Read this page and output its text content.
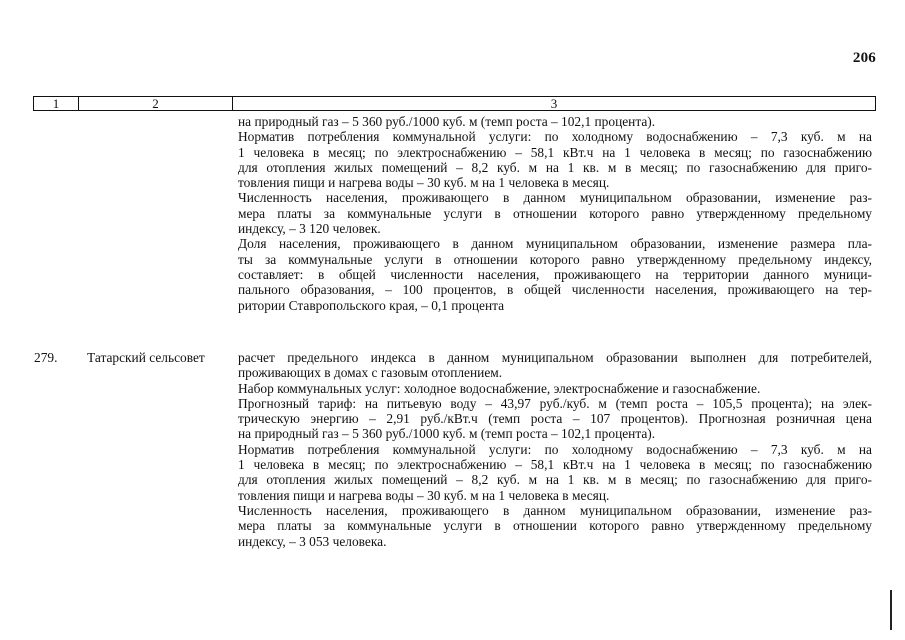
206
1	2	3
на природный газ – 5 360 руб./1000 куб. м (темп роста – 102,1 процента).
Норматив потребления коммунальной услуги: по холодному водоснабжению – 7,3 куб. м на
1 человека в месяц; по электроснабжению – 58,1 кВт.ч на 1 человека в месяц; по газоснабжению
для отопления жилых помещений – 8,2 куб. м на 1 кв. м в месяц; по газоснабжению для приго-
товления пищи и нагрева воды – 30 куб. м на 1 человека в месяц.
Численность населения, проживающего в данном муниципальном образовании, изменение раз-
мера платы за коммунальные услуги в отношении которого равно утвержденному предельному
индексу, – 3 120 человек.
Доля населения, проживающего в данном муниципальном образовании, изменение размера пла-
ты за коммунальные услуги в отношении которого равно утвержденному предельному индексу,
составляет: в общей численности населения, проживающего на территории данного муници-
пального образования, – 100 процентов, в общей численности населения, проживающего на тер-
ритории Ставропольского края, – 0,1 процента
279. Татарский сельсовет расчет предельного индекса в данном муниципальном образовании выполнен для потребителей,
проживающих в домах с газовым отоплением.
Набор коммунальных услуг: холодное водоснабжение, электроснабжение и газоснабжение.
Прогнозный тариф: на питьевую воду – 43,97 руб./куб. м (темп роста – 105,5 процента); на элек-
трическую энергию – 2,91 руб./кВт.ч (темп роста – 107 процентов). Прогнозная розничная цена
на природный газ – 5 360 руб./1000 куб. м (темп роста – 102,1 процента).
Норматив потребления коммунальной услуги: по холодному водоснабжению – 7,3 куб. м на
1 человека в месяц; по электроснабжению – 58,1 кВт.ч на 1 человека в месяц; по газоснабжению
для отопления жилых помещений – 8,2 куб. м на 1 кв. м в месяц; по газоснабжению для приго-
товления пищи и нагрева воды – 30 куб. м на 1 человека в месяц.
Численность населения, проживающего в данном муниципальном образовании, изменение раз-
мера платы за коммунальные услуги в отношении которого равно утвержденному предельному
индексу, – 3 053 человека.
